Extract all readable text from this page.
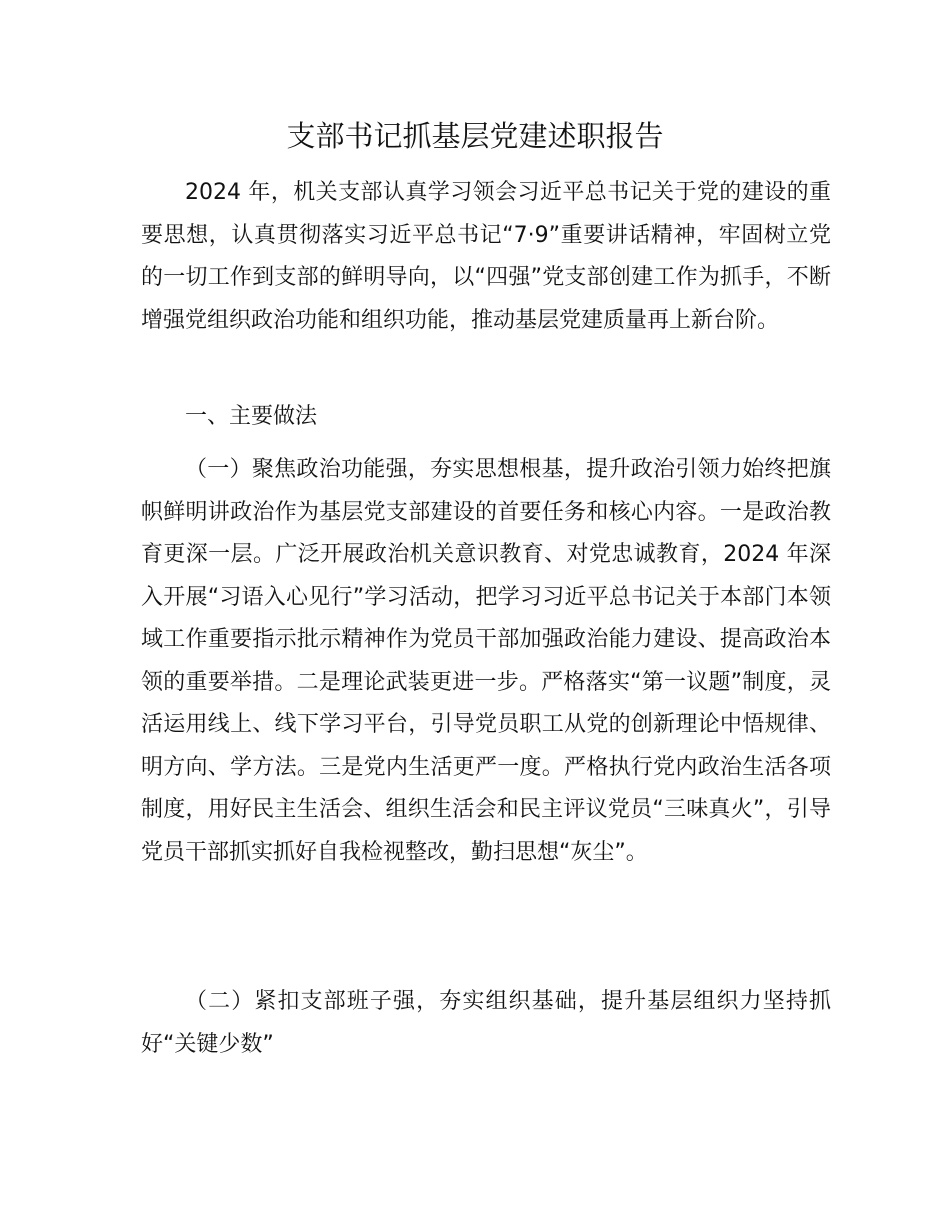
支部书记抓基层党建述职报告

2024 年，机关支部认真学习领会习近平总书记关于党的建设的重要思想，认真贯彻落实习近平总书记“7·9”重要讲话精神，牢固树立党的一切工作到支部的鲜明导向，以“四强”党支部创建工作为抓手，不断增强党组织政治功能和组织功能，推动基层党建质量再上新台阶。

一、主要做法

（一）聚焦政治功能强，夯实思想根基，提升政治引领力始终把旗帜鲜明讲政治作为基层党支部建设的首要任务和核心内容。一是政治教育更深一层。广泛开展政治机关意识教育、对党忠诚教育，2024 年深入开展“习语入心见行”学习活动，把学习习近平总书记关于本部门本领域工作重要指示批示精神作为党员干部加强政治能力建设、提高政治本领的重要举措。二是理论武装更进一步。严格落实“第一议题”制度，灵活运用线上、线下学习平台，引导党员职工从党的创新理论中悟规律、明方向、学方法。三是党内生活更严一度。严格执行党内政治生活各项制度，用好民主生活会、组织生活会和民主评议党员“三味真火”，引导党员干部抓实抓好自我检视整改，勤扫思想“灰尘”。

（二）紧扣支部班子强，夯实组织基础，提升基层组织力坚持抓好“关键少数”
